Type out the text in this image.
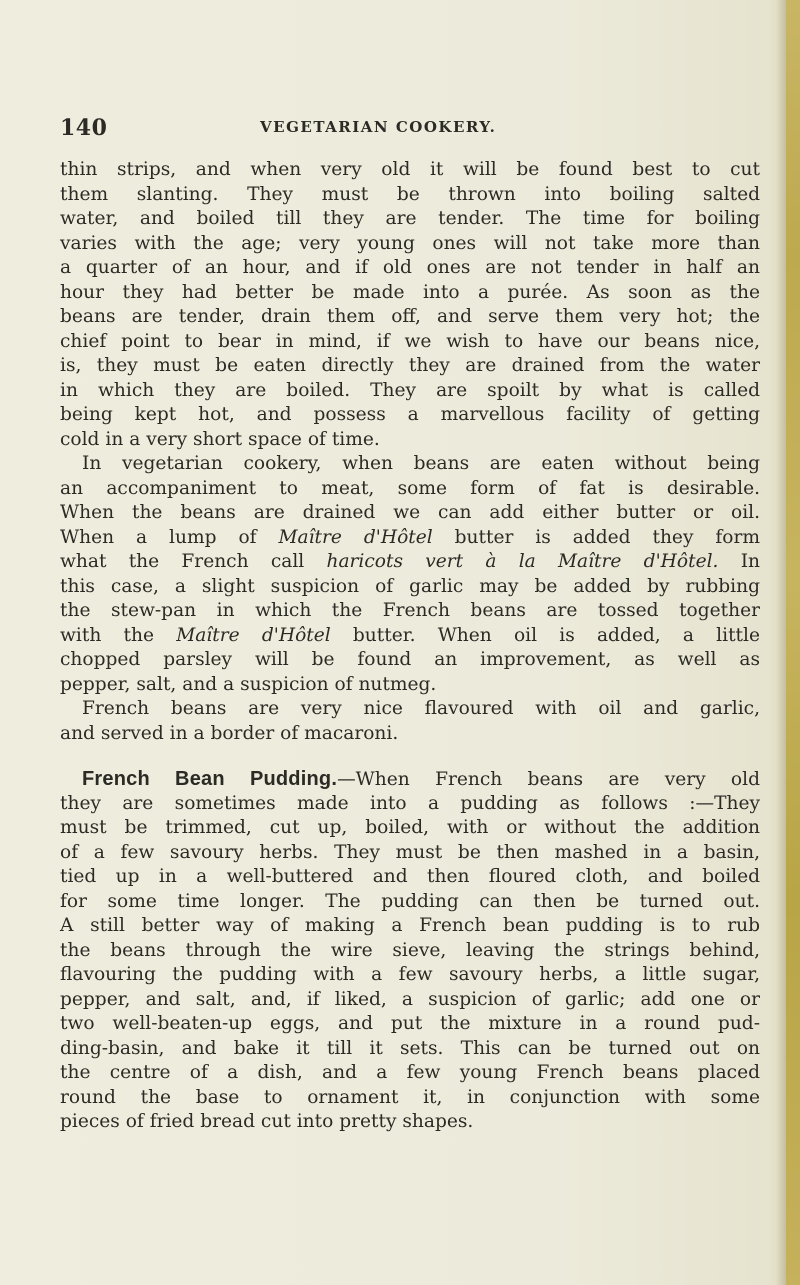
140	VEGETARIAN COOKERY.
thin strips, and when very old it will be found best to cut
them slanting. They must be thrown into boiling salted
water, and boiled till they are tender. The time for boiling
varies with the age; very young ones will not take more than
a quarter of an hour, and if old ones are not tender in half an
hour they had better be made into a purée. As soon as the
beans are tender, drain them off, and serve them very hot; the
chief point to bear in mind, if we wish to have our beans nice,
is, they must be eaten directly they are drained from the water
in which they are boiled. They are spoilt by what is called
being kept hot, and possess a marvellous facility of getting
cold in a very short space of time.
In vegetarian cookery, when beans are eaten without being
an accompaniment to meat, some form of fat is desirable.
When the beans are drained we can add either butter or oil.
When a lump of Maître d'Hôtel butter is added they form
what the French call haricots vert à la Maître d'Hôtel. In
this case, a slight suspicion of garlic may be added by rubbing
the stew-pan in which the French beans are tossed together
with the Maître d'Hôtel butter. When oil is added, a little
chopped parsley will be found an improvement, as well as
pepper, salt, and a suspicion of nutmeg.
French beans are very nice flavoured with oil and garlic,
and served in a border of macaroni.
French Bean Pudding.—When French beans are very old
they are sometimes made into a pudding as follows :—They
must be trimmed, cut up, boiled, with or without the addition
of a few savoury herbs. They must be then mashed in a basin,
tied up in a well-buttered and then floured cloth, and boiled
for some time longer. The pudding can then be turned out.
A still better way of making a French bean pudding is to rub
the beans through the wire sieve, leaving the strings behind,
flavouring the pudding with a few savoury herbs, a little sugar,
pepper, and salt, and, if liked, a suspicion of garlic; add one or
two well-beaten-up eggs, and put the mixture in a round pud-
ding-basin, and bake it till it sets. This can be turned out on
the centre of a dish, and a few young French beans placed
round the base to ornament it, in conjunction with some
pieces of fried bread cut into pretty shapes.
